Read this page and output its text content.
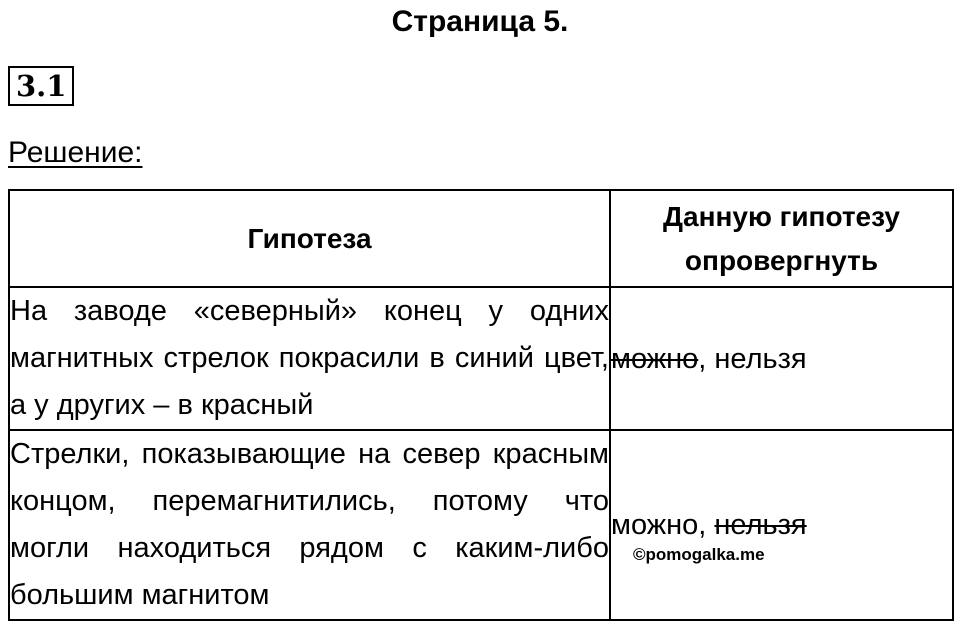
Страница 5.
3.1
Решение:
Гипотеза	Данную гипотезу опровергнуть
На заводе «северный» конец у одних магнитных стрелок покрасили в синий цвет, а у других – в красный	можно, нельзя
Стрелки, показывающие на север красным концом, перемагнитились, потому что могли находиться рядом с каким-либо большим магнитом	можно, нельзя
©pomogalka.me
